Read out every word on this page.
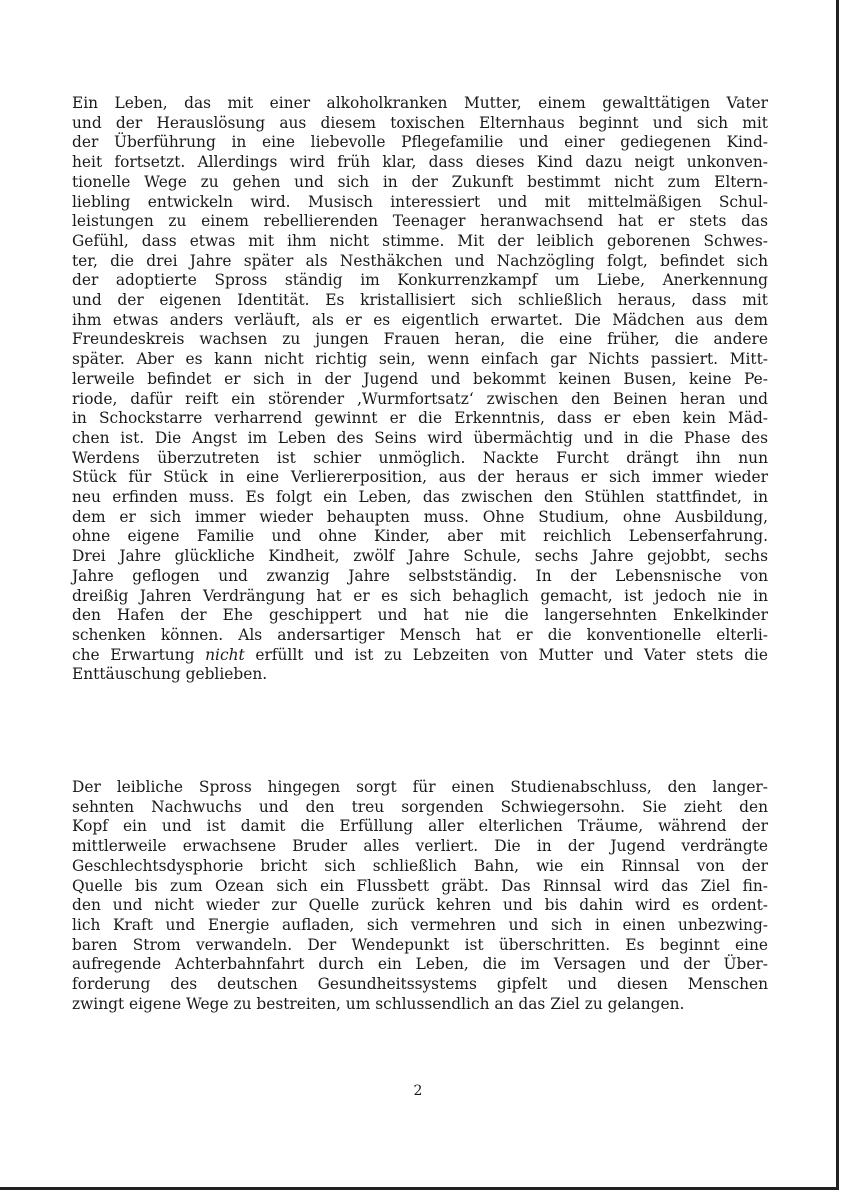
Ein Leben, das mit einer alkoholkranken Mutter, einem gewalttätigen Vater
und der Herauslösung aus diesem toxischen Elternhaus beginnt und sich mit
der Überführung in eine liebevolle Pflegefamilie und einer gediegenen Kind-
heit fortsetzt. Allerdings wird früh klar, dass dieses Kind dazu neigt unkonven-
tionelle Wege zu gehen und sich in der Zukunft bestimmt nicht zum Eltern-
liebling entwickeln wird. Musisch interessiert und mit mittelmäßigen Schul-
leistungen zu einem rebellierenden Teenager heranwachsend hat er stets das
Gefühl, dass etwas mit ihm nicht stimme. Mit der leiblich geborenen Schwes-
ter, die drei Jahre später als Nesthäkchen und Nachzögling folgt, befindet sich
der adoptierte Spross ständig im Konkurrenzkampf um Liebe, Anerkennung
und der eigenen Identität. Es kristallisiert sich schließlich heraus, dass mit
ihm etwas anders verläuft, als er es eigentlich erwartet. Die Mädchen aus dem
Freundeskreis wachsen zu jungen Frauen heran, die eine früher, die andere
später. Aber es kann nicht richtig sein, wenn einfach gar Nichts passiert. Mitt-
lerweile befindet er sich in der Jugend und bekommt keinen Busen, keine Pe-
riode, dafür reift ein störender ‚Wurmfortsatz‘ zwischen den Beinen heran und
in Schockstarre verharrend gewinnt er die Erkenntnis, dass er eben kein Mäd-
chen ist. Die Angst im Leben des Seins wird übermächtig und in die Phase des
Werdens überzutreten ist schier unmöglich. Nackte Furcht drängt ihn nun
Stück für Stück in eine Verliererposition, aus der heraus er sich immer wieder
neu erfinden muss. Es folgt ein Leben, das zwischen den Stühlen stattfindet, in
dem er sich immer wieder behaupten muss. Ohne Studium, ohne Ausbildung,
ohne eigene Familie und ohne Kinder, aber mit reichlich Lebenserfahrung.
Drei Jahre glückliche Kindheit, zwölf Jahre Schule, sechs Jahre gejobbt, sechs
Jahre geflogen und zwanzig Jahre selbstständig. In der Lebensnische von
dreißig Jahren Verdrängung hat er es sich behaglich gemacht, ist jedoch nie in
den Hafen der Ehe geschippert und hat nie die langersehnten Enkelkinder
schenken können. Als andersartiger Mensch hat er die konventionelle elterli-
che Erwartung nicht erfüllt und ist zu Lebzeiten von Mutter und Vater stets die
Enttäuschung geblieben.
Der leibliche Spross hingegen sorgt für einen Studienabschluss, den langer-
sehnten Nachwuchs und den treu sorgenden Schwiegersohn. Sie zieht den
Kopf ein und ist damit die Erfüllung aller elterlichen Träume, während der
mittlerweile erwachsene Bruder alles verliert. Die in der Jugend verdrängte
Geschlechtsdysphorie bricht sich schließlich Bahn, wie ein Rinnsal von der
Quelle bis zum Ozean sich ein Flussbett gräbt. Das Rinnsal wird das Ziel fin-
den und nicht wieder zur Quelle zurück kehren und bis dahin wird es ordent-
lich Kraft und Energie aufladen, sich vermehren und sich in einen unbezwing-
baren Strom verwandeln. Der Wendepunkt ist überschritten. Es beginnt eine
aufregende Achterbahnfahrt durch ein Leben, die im Versagen und der Über-
forderung des deutschen Gesundheitssystems gipfelt und diesen Menschen
zwingt eigene Wege zu bestreiten, um schlussendlich an das Ziel zu gelangen.
2
